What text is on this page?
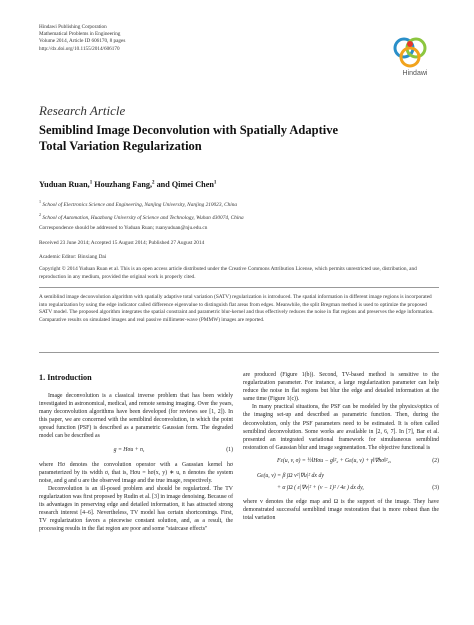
Hindawi Publishing Corporation
Mathematical Problems in Engineering
Volume 2014, Article ID 606170, 8 pages
http://dx.doi.org/10.1155/2014/606170
Hindawi
Research Article
Semiblind Image Deconvolution with Spatially Adaptive
Total Variation Regularization
Yuduan Ruan,$^1$ Houzhang Fang,$^2$ and Qimei Chen$^1$
$^1$ School of Electronics Science and Engineering, Nanjing University, Nanjing 210023, China
$^2$ School of Automation, Huazhong University of Science and Technology, Wuhan 430074, China
Correspondence should be addressed to Yuduan Ruan; ruanyuduan@nju.edu.cn
Received 23 June 2014; Accepted 15 August 2014; Published 27 August 2014
Academic Editor: Binxiang Dai
Copyright © 2014 Yuduan Ruan et al. This is an open access article distributed under the Creative Commons Attribution License, which permits unrestricted use, distribution, and reproduction in any medium, provided the original work is properly cited.
A semiblind image deconvolution algorithm with spatially adaptive total variation (SATV) regularization is introduced. The spatial information in different image regions is incorporated into regularization by using the edge indicator called difference eigenvalue to distinguish flat areas from edges. Meanwhile, the split Bregman method is used to optimize the proposed SATV model. The proposed algorithm integrates the spatial constraint and parametric blur-kernel and thus effectively reduces the noise in flat regions and preserves the edge information. Comparative results on simulated images and real passive millimeter-wave (PMMW) images are reported.
1. Introduction

Image deconvolution is a classical inverse problem that has been widely investigated in astronomical, medical, and remote sensing imaging. Over the years, many deconvolution algorithms have been developed (for reviews see [1, 2]). In this paper, we are concerned with the semiblind deconvolution, in which the point spread function (PSF) is described as a parametric Gaussian form. The degraded model can be described as

g = Hσu + n,	(1)

where Hσ denotes the convolution operator with a Gaussian kernel hσ parameterized by its width σ, that is, Hσu = hσ(x, y) ∗ u, n denotes the system noise, and g and u are the observed image and the true image, respectively.

Deconvolution is an ill-posed problem and should be regularized. The TV regularization was first proposed by Rudin et al. [3] in image denoising. Because of its advantages in preserving edge and detailed information, it has attracted strong research interest [4–6]. Nevertheless, TV model has certain shortcomings. First, TV regularization favors a piecewise constant solution, and, as a result, the processing results in the flat region are poor and some "staircase effects"

are produced (Figure 1(b)). Second, TV-based method is sensitive to the regularization parameter. For instance, a large regularization parameter can help reduce the noise in flat regions but blur the edge and detailed information at the same time (Figure 1(c)).

In many practical situations, the PSF can be modeled by the physics/optics of the imaging set-up and described as parametric function. Then, during the deconvolution, only the PSF parameters need to be estimated. It is often called semiblind deconvolution. Some works are available in [2, 6, 7]. In [7], Bar et al. presented an integrated variational framework for simultaneous semiblind restoration of Gaussian blur and image segmentation. The objective functional is

Fε(u, v, σ) = ½‖Hσu − g‖²₂ + Gε(u, v) + γ‖∇hσ‖²₂,	(2)
Gε(u, v) = β ∫Ω v²|∇u|² dx dy
+ α ∫Ω ( ε|∇v|² + (v − 1)² / 4ε ) dx dy,	(3)

where v denotes the edge map and Ω is the support of the image. They have demonstrated successful semiblind image restoration that is more robust than the total variation
